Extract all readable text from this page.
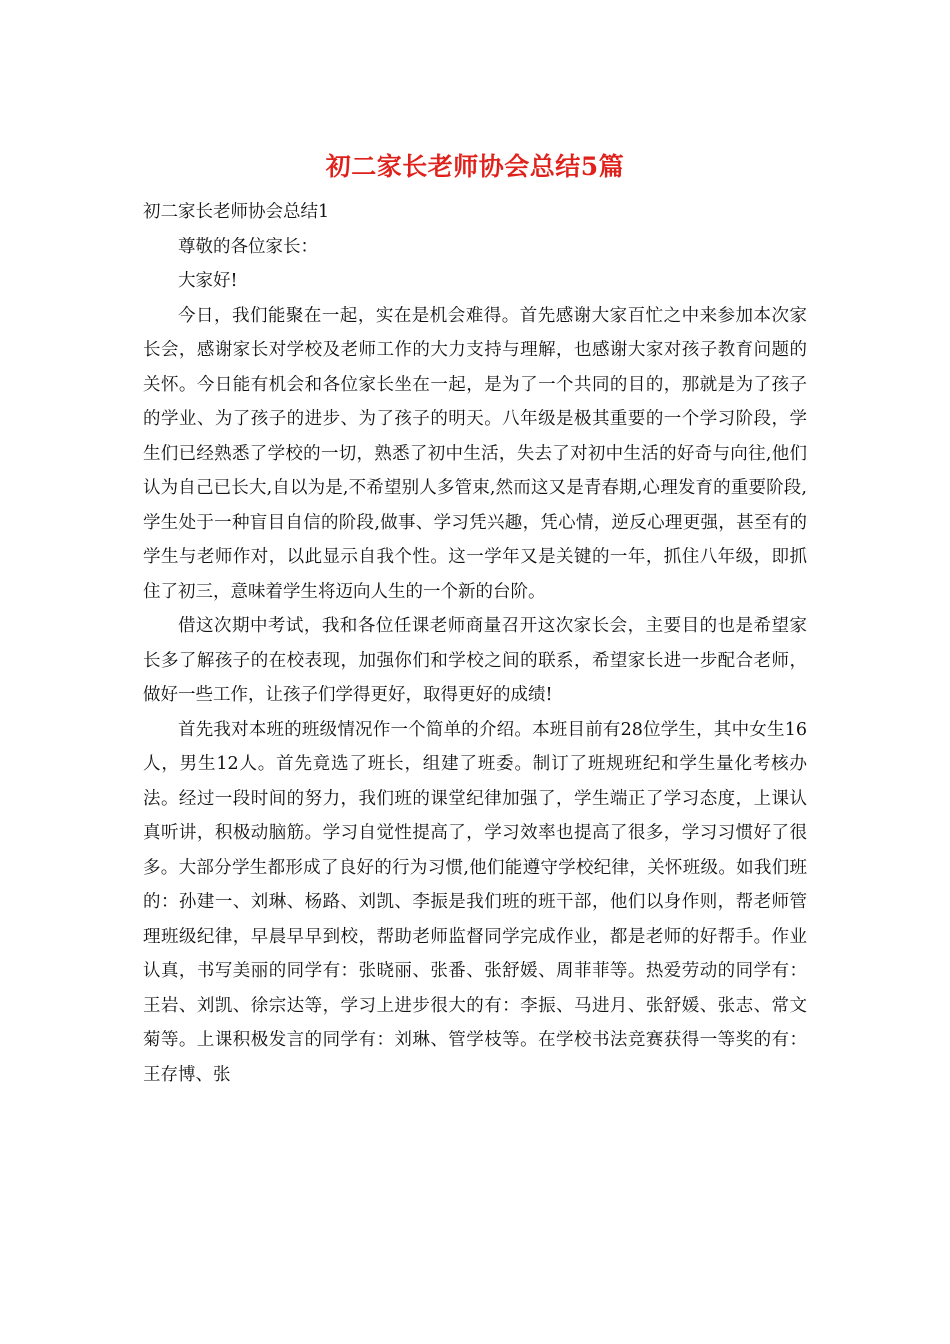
初二家长老师协会总结5篇
初二家长老师协会总结1

尊敬的各位家长：

大家好!

今日，我们能聚在一起，实在是机会难得。首先感谢大家百忙之中来参加本次家长会，感谢家长对学校及老师工作的大力支持与理解，也感谢大家对孩子教育问题的关怀。今日能有机会和各位家长坐在一起，是为了一个共同的目的，那就是为了孩子的学业、为了孩子的进步、为了孩子的明天。八年级是极其重要的一个学习阶段，学生们已经熟悉了学校的一切，熟悉了初中生活，失去了对初中生活的好奇与向往,他们认为自己已长大,自以为是,不希望别人多管束,然而这又是青春期,心理发育的重要阶段,学生处于一种盲目自信的阶段,做事、学习凭兴趣，凭心情，逆反心理更强，甚至有的学生与老师作对，以此显示自我个性。这一学年又是关键的一年，抓住八年级，即抓住了初三，意味着学生将迈向人生的一个新的台阶。

借这次期中考试，我和各位任课老师商量召开这次家长会，主要目的也是希望家长多了解孩子的在校表现，加强你们和学校之间的联系，希望家长进一步配合老师，做好一些工作，让孩子们学得更好，取得更好的成绩!

首先我对本班的班级情况作一个简单的介绍。本班目前有28位学生，其中女生16人，男生12人。首先竟选了班长，组建了班委。制订了班规班纪和学生量化考核办法。经过一段时间的努力，我们班的课堂纪律加强了，学生端正了学习态度，上课认真听讲，积极动脑筋。学习自觉性提高了，学习效率也提高了很多，学习习惯好了很多。大部分学生都形成了良好的行为习惯,他们能遵守学校纪律，关怀班级。如我们班的：孙建一、刘琳、杨路、刘凯、李振是我们班的班干部，他们以身作则，帮老师管理班级纪律，早晨早早到校，帮助老师监督同学完成作业，都是老师的好帮手。作业认真，书写美丽的同学有：张晓丽、张番、张舒媛、周菲菲等。热爱劳动的同学有：王岩、刘凯、徐宗达等，学习上进步很大的有：李振、马进月、张舒媛、张志、常文菊等。上课积极发言的同学有：刘琳、管学枝等。在学校书法竞赛获得一等奖的有：王存博、张
